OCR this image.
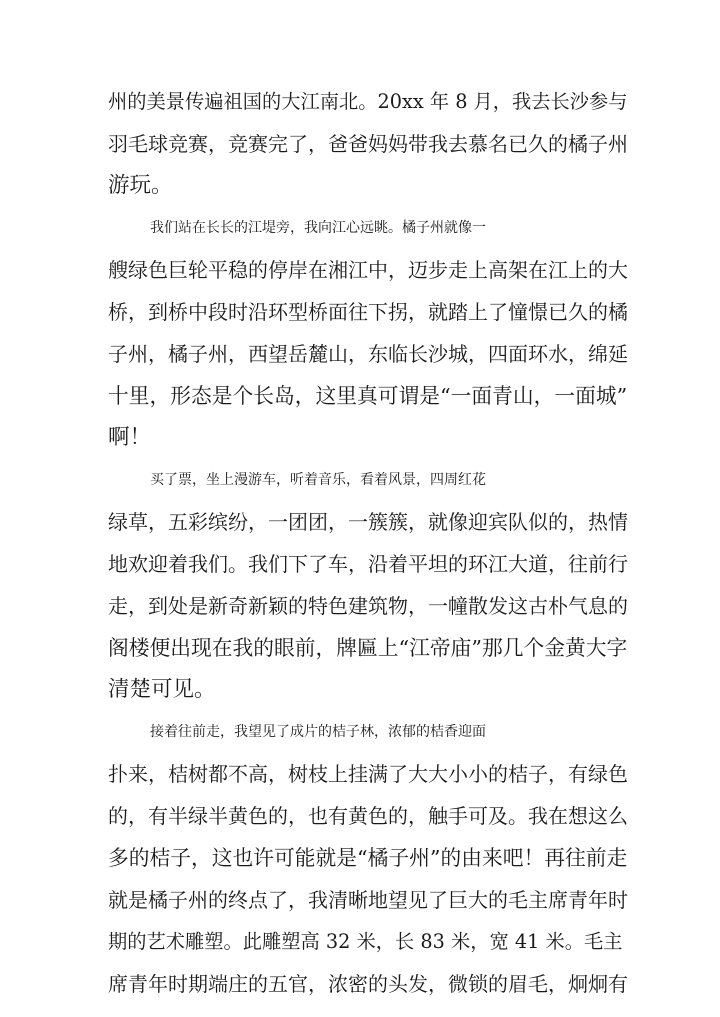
州的美景传遍祖国的大江南北。20xx 年 8 月，我去长沙参与
羽毛球竞赛，竞赛完了，爸爸妈妈带我去慕名已久的橘子州
游玩。
我们站在长长的江堤旁，我向江心远眺。橘子州就像一
艘绿色巨轮平稳的停岸在湘江中，迈步走上高架在江上的大
桥，到桥中段时沿环型桥面往下拐，就踏上了憧憬已久的橘
子州，橘子州，西望岳麓山，东临长沙城，四面环水，绵延
十里，形态是个长岛，这里真可谓是“一面青山，一面城”
啊！
买了票，坐上漫游车，听着音乐，看着风景，四周红花
绿草，五彩缤纷，一团团，一簇簇，就像迎宾队似的，热情
地欢迎着我们。我们下了车，沿着平坦的环江大道，往前行
走，到处是新奇新颖的特色建筑物，一幢散发这古朴气息的
阁楼便出现在我的眼前，牌匾上“江帝庙”那几个金黄大字
清楚可见。
接着往前走，我望见了成片的桔子林，浓郁的桔香迎面
扑来，桔树都不高，树枝上挂满了大大小小的桔子，有绿色
的，有半绿半黄色的，也有黄色的，触手可及。我在想这么
多的桔子，这也许可能就是“橘子州”的由来吧！再往前走
就是橘子州的终点了，我清晰地望见了巨大的毛主席青年时
期的艺术雕塑。此雕塑高 32 米，长 83 米，宽 41 米。毛主
席青年时期端庄的五官，浓密的头发，微锁的眉毛，炯炯有
